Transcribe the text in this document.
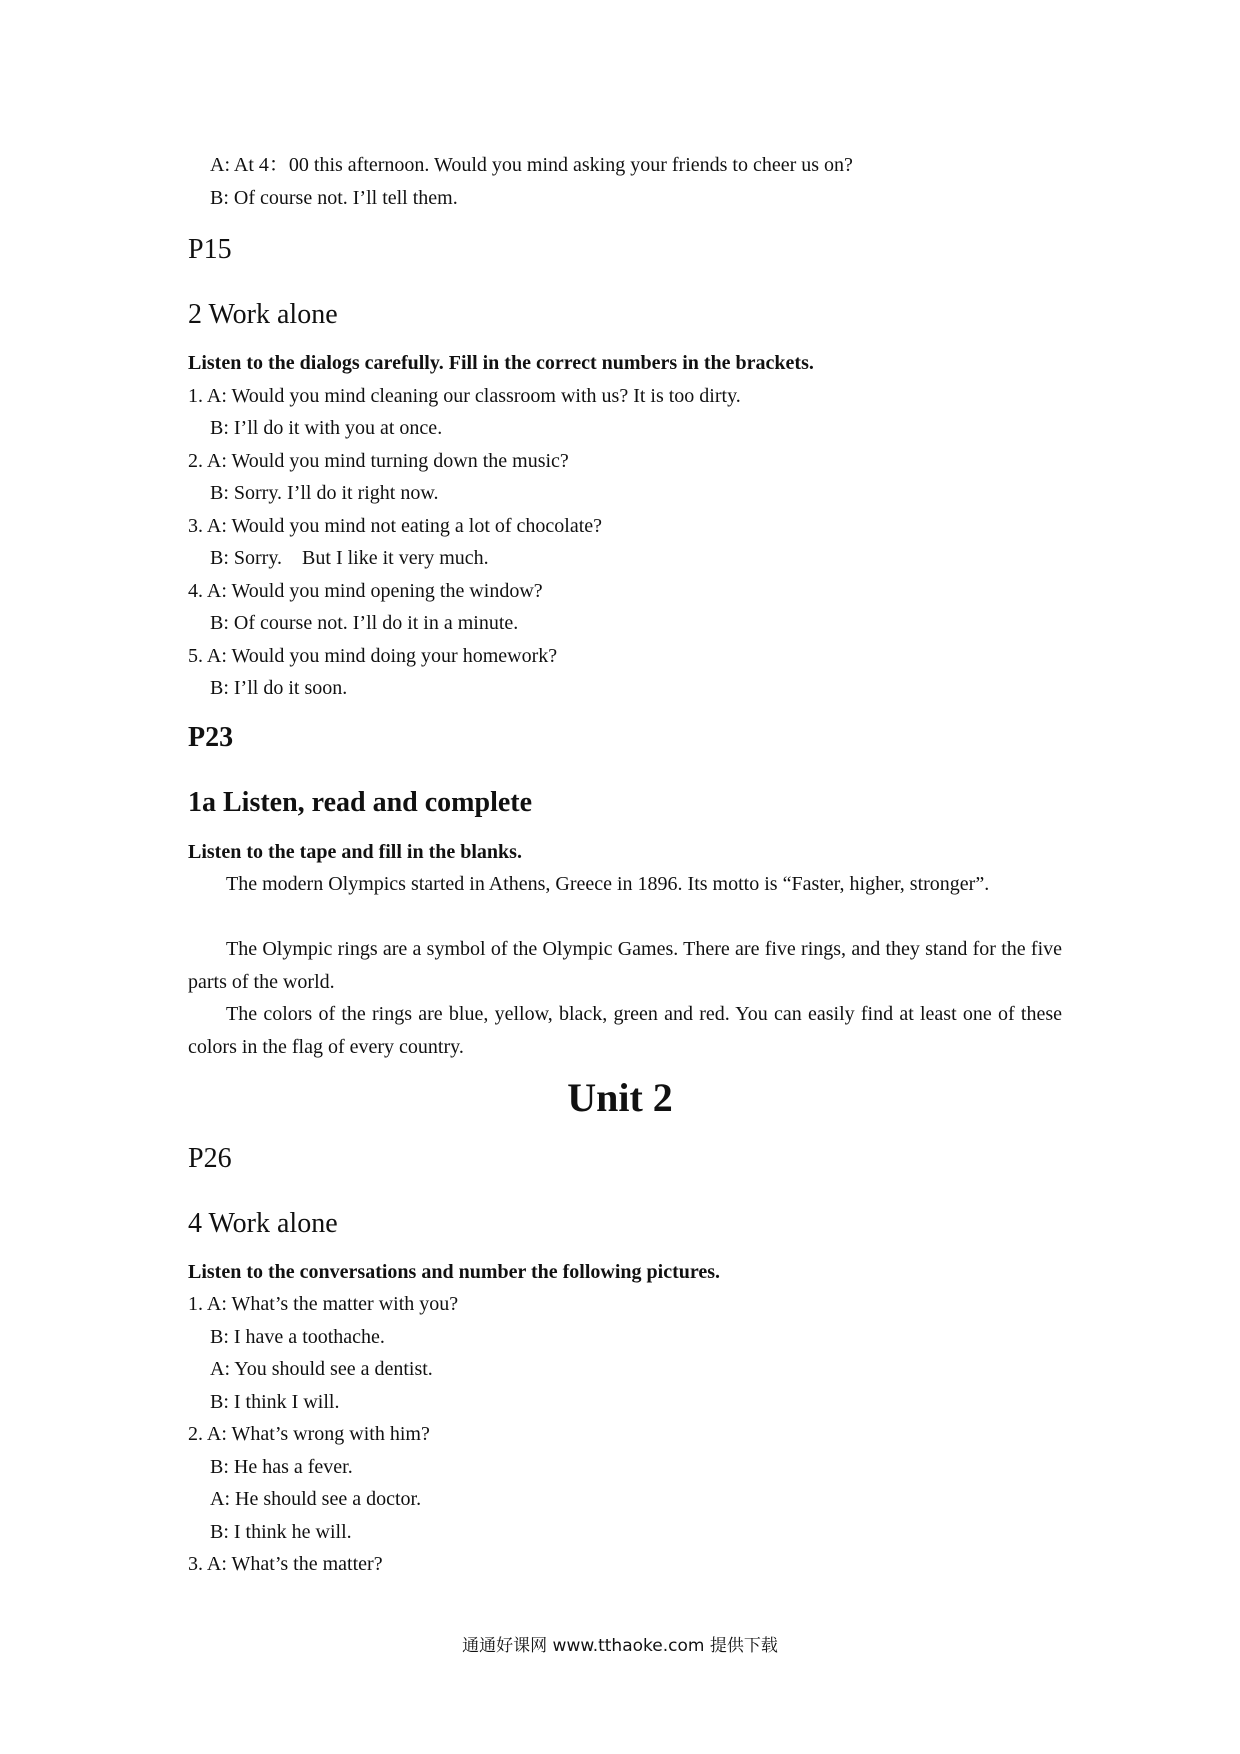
A: At 4：00 this afternoon. Would you mind asking your friends to cheer us on?
B: Of course not. I’ll tell them.
P15
2 Work alone
Listen to the dialogs carefully. Fill in the correct numbers in the brackets.
1. A: Would you mind cleaning our classroom with us? It is too dirty.
B: I’ll do it with you at once.
2. A: Would you mind turning down the music?
B: Sorry. I’ll do it right now.
3. A: Would you mind not eating a lot of chocolate?
B: Sorry.    But I like it very much.
4. A: Would you mind opening the window?
B: Of course not. I’ll do it in a minute.
5. A: Would you mind doing your homework?
B: I’ll do it soon.
P23
1a Listen, read and complete
Listen to the tape and fill in the blanks.
The modern Olympics started in Athens, Greece in 1896. Its motto is “Faster, higher, stronger”.
The Olympic rings are a symbol of the Olympic Games. There are five rings, and they stand for the five parts of the world.
The colors of the rings are blue, yellow, black, green and red. You can easily find at least one of these colors in the flag of every country.
Unit 2
P26
4 Work alone
Listen to the conversations and number the following pictures.
1. A: What’s the matter with you?
B: I have a toothache.
A: You should see a dentist.
B: I think I will.
2. A: What’s wrong with him?
B: He has a fever.
A: He should see a doctor.
B: I think he will.
3. A: What’s the matter?
通通好课网 www.tthaoke.com 提供下载
